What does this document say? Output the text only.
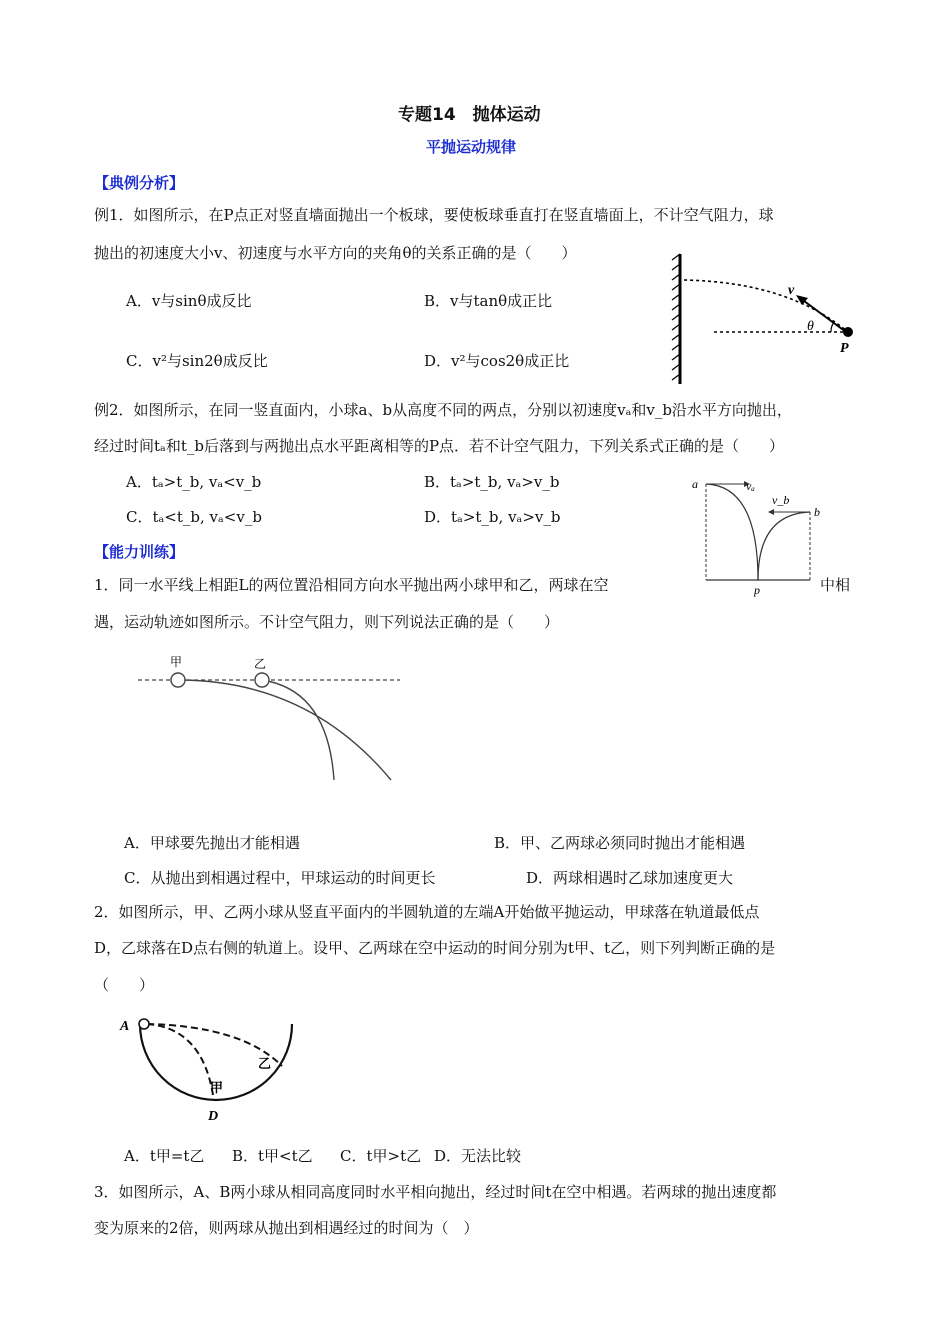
专题14　抛体运动
平抛运动规律
【典例分析】
例1．如图所示，在P点正对竖直墙面抛出一个板球，要使板球垂直打在竖直墙面上，不计空气阻力，球
抛出的初速度大小v、初速度与水平方向的夹角θ的关系正确的是（　　）
A．v与sinθ成反比	B．v与tanθ成正比
C．v²与sin2θ成反比	D．v²与cos2θ成正比
v
θ
P
例2．如图所示，在同一竖直面内，小球a、b从高度不同的两点，分别以初速度vₐ和v_b沿水平方向抛出，
经过时间tₐ和t_b后落到与两抛出点水平距离相等的P点．若不计空气阻力，下列关系式正确的是（　　）
A．tₐ>t_b, vₐ<v_b	B．tₐ>t_b, vₐ>v_b
C．tₐ<t_b, vₐ<v_b	D．tₐ>t_b, vₐ>v_b
a
b
vₐ
v_b
p
【能力训练】
1．同一水平线上相距L的两位置沿相同方向水平抛出两小球甲和乙，两球在空	中相
遇，运动轨迹如图所示。不计空气阻力，则下列说法正确的是（　　）
甲	乙
A．甲球要先抛出才能相遇	B．甲、乙两球必须同时抛出才能相遇
C．从抛出到相遇过程中，甲球运动的时间更长	D．两球相遇时乙球加速度更大
2．如图所示，甲、乙两小球从竖直平面内的半圆轨道的左端A开始做平抛运动，甲球落在轨道最低点
D，乙球落在D点右侧的轨道上。设甲、乙两球在空中运动的时间分别为t甲、t乙，则下列判断正确的是
（　　）
A
D
甲
乙
A．t甲=t乙 B．t甲<t乙 C．t甲>t乙 D．无法比较
3．如图所示，A、B两小球从相同高度同时水平相向抛出，经过时间t在空中相遇。若两球的抛出速度都
变为原来的2倍，则两球从抛出到相遇经过的时间为（　）
